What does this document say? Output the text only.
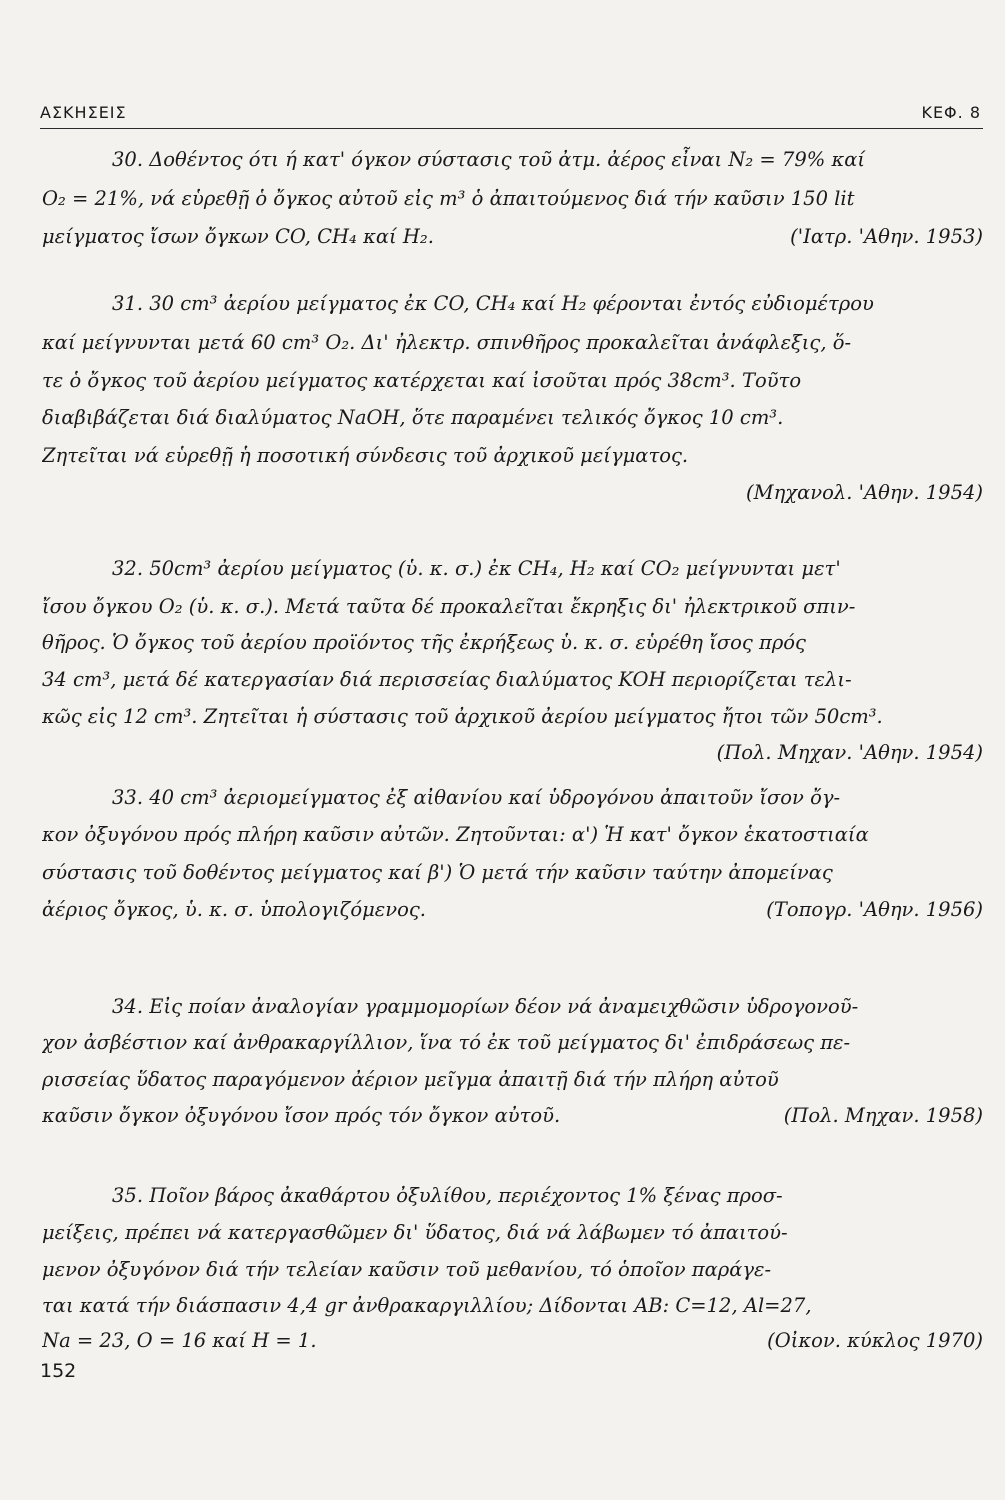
ΑΣΚΗΣΕΙΣ	ΚΕΦ. 8
30. Δοθέντος ότι ή κατ' όγκον σύστασις τοῦ ἀτμ. ἀέρος εἶναι N₂ = 79% καί
O₂ = 21%, νά εὑρεθῇ ὁ ὄγκος αὐτοῦ εἰς m³ ὁ ἀπαιτούμενος διά τήν καῦσιν 150 lit
μείγματος ἴσων ὄγκων CO, CH₄ καί H₂.	('Ιατρ. 'Αθην. 1953)
31. 30 cm³ ἀερίου μείγματος ἐκ CO, CH₄ καί H₂ φέρονται ἐντός εὐδιομέτρου
καί μείγνυνται μετά 60 cm³ O₂. Δι' ἠλεκτρ. σπινθῆρος προκαλεῖται ἀνάφλεξις, ὅ-
τε ὁ ὄγκος τοῦ ἀερίου μείγματος κατέρχεται καί ἰσοῦται πρός 38cm³. Τοῦτο
διαβιβάζεται διά διαλύματος NaOH, ὅτε παραμένει τελικός ὄγκος 10 cm³.
Ζητεῖται νά εὑρεθῇ ἡ ποσοτική σύνδεσις τοῦ ἀρχικοῦ μείγματος.
(Μηχανολ. 'Αθην. 1954)
32. 50cm³ ἀερίου μείγματος (ὑ. κ. σ.) ἐκ CH₄, H₂ καί CO₂ μείγνυνται μετ'
ἴσου ὄγκου O₂ (ὑ. κ. σ.). Μετά ταῦτα δέ προκαλεῖται ἔκρηξις δι' ἠλεκτρικοῦ σπιν-
θῆρος. Ὁ ὄγκος τοῦ ἀερίου προϊόντος τῆς ἐκρήξεως ὑ. κ. σ. εὑρέθη ἴσος πρός
34 cm³, μετά δέ κατεργασίαν διά περισσείας διαλύματος KOH περιορίζεται τελι-
κῶς εἰς 12 cm³. Ζητεῖται ἡ σύστασις τοῦ ἀρχικοῦ ἀερίου μείγματος ἤτοι τῶν 50cm³.
(Πολ. Μηχαν. 'Αθην. 1954)
33. 40 cm³ ἀεριομείγματος ἐξ αἰθανίου καί ὑδρογόνου ἀπαιτοῦν ἴσον ὄγ-
κον ὀξυγόνου πρός πλήρη καῦσιν αὐτῶν. Ζητοῦνται: α') Ἡ κατ' ὄγκον ἑκατοστιαία
σύστασις τοῦ δοθέντος μείγματος καί β') Ὁ μετά τήν καῦσιν ταύτην ἀπομείνας
ἀέριος ὄγκος, ὑ. κ. σ. ὑπολογιζόμενος.	(Τοπογρ. 'Αθην. 1956)
34. Εἰς ποίαν ἀναλογίαν γραμμομορίων δέον νά ἀναμειχθῶσιν ὑδρογονοῦ-
χον ἀσβέστιον καί ἀνθρακαργίλλιον, ἵνα τό ἐκ τοῦ μείγματος δι' ἐπιδράσεως πε-
ρισσείας ὕδατος παραγόμενον ἀέριον μεῖγμα ἀπαιτῇ διά τήν πλήρη αὐτοῦ
καῦσιν ὄγκον ὀξυγόνου ἴσον πρός τόν ὄγκον αὐτοῦ.	(Πολ. Μηχαν. 1958)
35. Ποῖον βάρος ἀκαθάρτου ὀξυλίθου, περιέχοντος 1% ξένας προσ-
μείξεις, πρέπει νά κατεργασθῶμεν δι' ὕδατος, διά νά λάβωμεν τό ἀπαιτού-
μενον ὀξυγόνον διά τήν τελείαν καῦσιν τοῦ μεθανίου, τό ὁποῖον παράγε-
ται κατά τήν διάσπασιν 4,4 gr ἀνθρακαργιλλίου; Δίδονται ΑΒ: C=12, Al=27,
Na = 23, O = 16 καί H = 1.	(Οἰκον. κύκλος 1970)
152
